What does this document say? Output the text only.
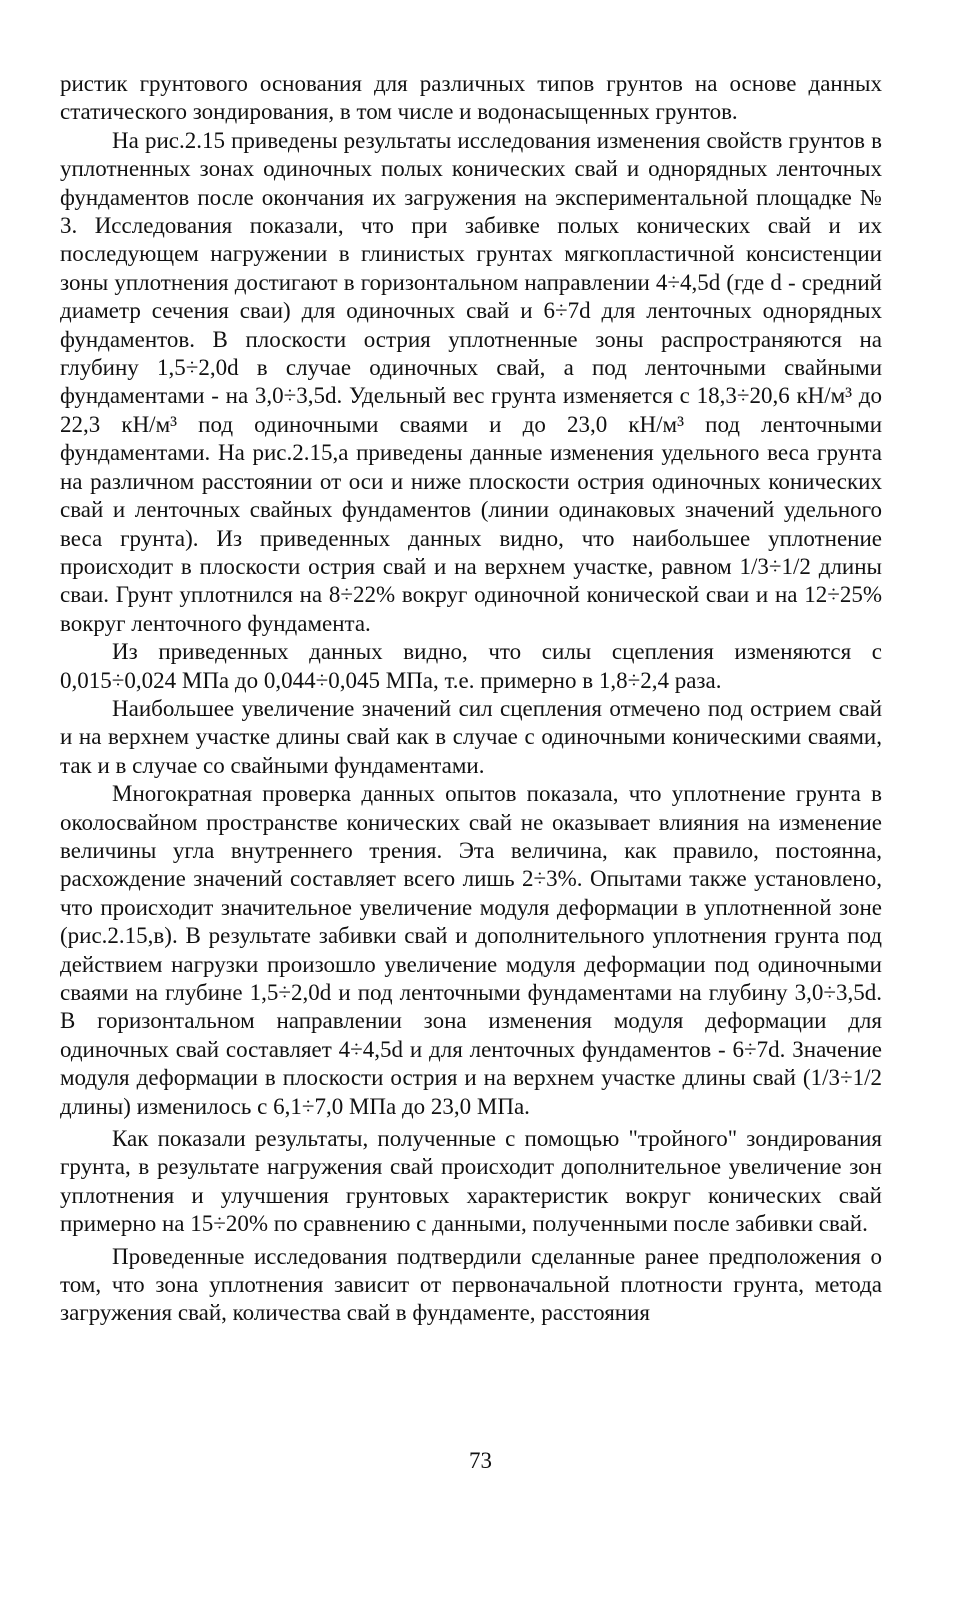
ристик грунтового основания для различных типов грунтов на основе данных статического зондирования, в том числе и водонасыщенных грунтов.

На рис.2.15 приведены результаты исследования изменения свойств грунтов в уплотненных зонах одиночных полых конических свай и однорядных ленточных фундаментов после окончания их загружения на экспериментальной площадке № 3. Исследования показали, что при забивке полых конических свай и их последующем нагружении в глинистых грунтах мягкопластичной консистенции зоны уплотнения достигают в горизонтальном направлении 4÷4,5d (где d - средний диаметр сечения сваи) для одиночных свай и 6÷7d для ленточных однорядных фундаментов. В плоскости острия уплотненные зоны распространяются на глубину 1,5÷2,0d в случае одиночных свай, а под ленточными свайными фундаментами - на 3,0÷3,5d. Удельный вес грунта изменяется с 18,3÷20,6 кН/м³ до 22,3 кН/м³ под одиночными сваями и до 23,0 кН/м³ под ленточными фундаментами. На рис.2.15,а приведены данные изменения удельного веса грунта на различном расстоянии от оси и ниже плоскости острия одиночных конических свай и ленточных свайных фундаментов (линии одинаковых значений удельного веса грунта). Из приведенных данных видно, что наибольшее уплотнение происходит в плоскости острия свай и на верхнем участке, равном 1/3÷1/2 длины сваи. Грунт уплотнился на 8÷22% вокруг одиночной конической сваи и на 12÷25% вокруг ленточного фундамента.

Из приведенных данных видно, что силы сцепления изменяются с 0,015÷0,024 МПа до 0,044÷0,045 МПа, т.е. примерно в 1,8÷2,4 раза.

Наибольшее увеличение значений сил сцепления отмечено под острием свай и на верхнем участке длины свай как в случае с одиночными коническими сваями, так и в случае со свайными фундаментами.

Многократная проверка данных опытов показала, что уплотнение грунта в околосвайном пространстве конических свай не оказывает влияния на изменение величины угла внутреннего трения. Эта величина, как правило, постоянна, расхождение значений составляет всего лишь 2÷3%. Опытами также установлено, что происходит значительное увеличение модуля деформации в уплотненной зоне (рис.2.15,в). В результате забивки свай и дополнительного уплотнения грунта под действием нагрузки произошло увеличение модуля деформации под одиночными сваями на глубине 1,5÷2,0d и под ленточными фундаментами на глубину 3,0÷3,5d. В горизонтальном направлении зона изменения модуля деформации для одиночных свай составляет 4÷4,5d и для ленточных фундаментов - 6÷7d. Значение модуля деформации в плоскости острия и на верхнем участке длины свай (1/3÷1/2 длины) изменилось с 6,1÷7,0 МПа до 23,0 МПа.

Как показали результаты, полученные с помощью "тройного" зондирования грунта, в результате нагружения свай происходит дополнительное увеличение зон уплотнения и улучшения грунтовых характеристик вокруг конических свай примерно на 15÷20% по сравнению с данными, полученными после забивки свай.

Проведенные исследования подтвердили сделанные ранее предположения о том, что зона уплотнения зависит от первоначальной плотности грунта, метода загружения свай, количества свай в фундаменте, расстояния

73
